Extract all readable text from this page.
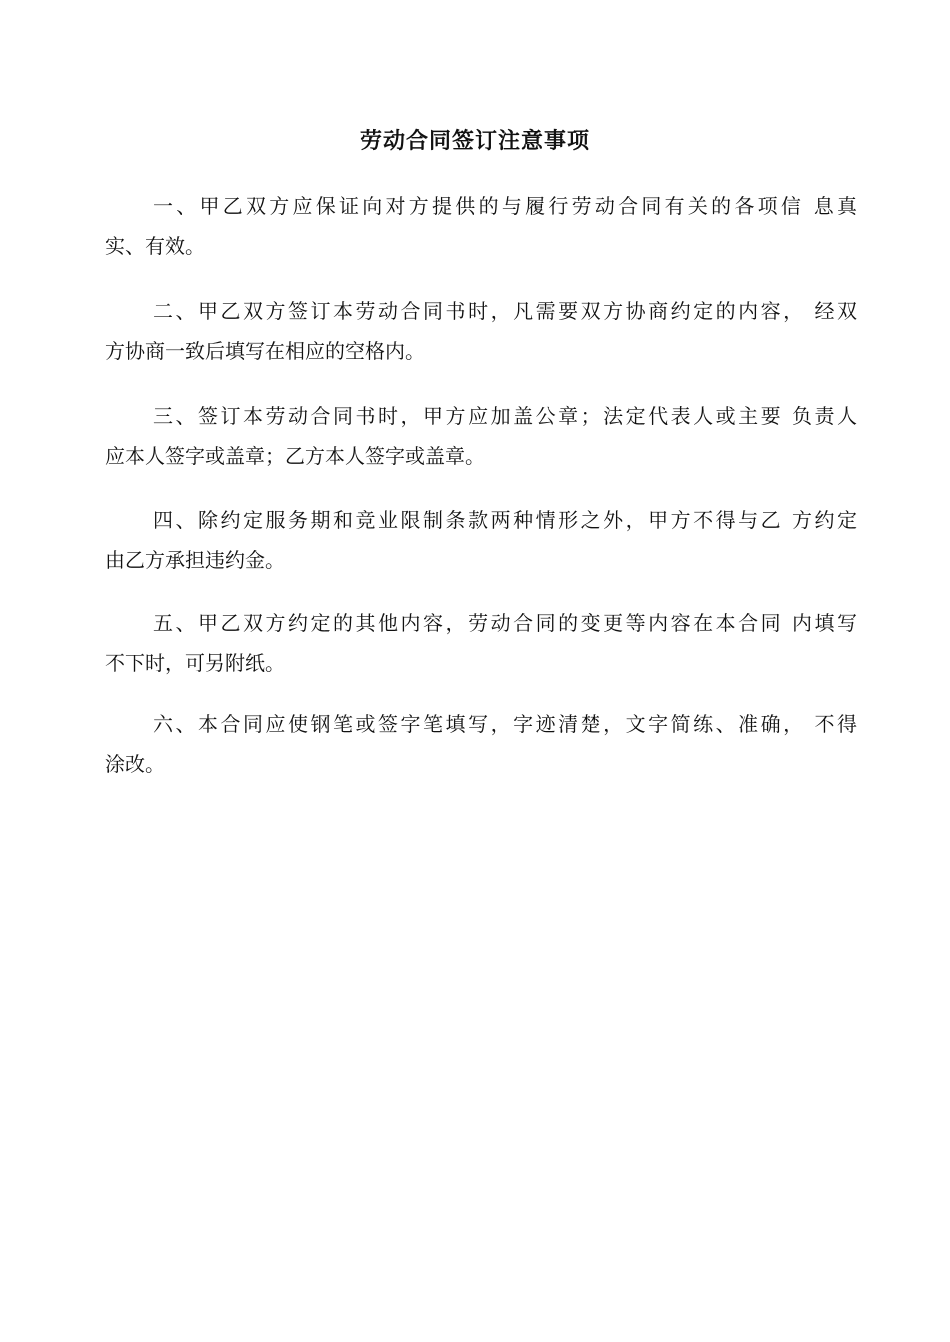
劳动合同签订注意事项

一、甲乙双方应保证向对方提供的与履行劳动合同有关的各项信 息真
实、有效。

二、甲乙双方签订本劳动合同书时，凡需要双方协商约定的内容， 经双
方协商一致后填写在相应的空格内。

三、签订本劳动合同书时，甲方应加盖公章；法定代表人或主要 负责人
应本人签字或盖章；乙方本人签字或盖章。

四、除约定服务期和竞业限制条款两种情形之外，甲方不得与乙 方约定
由乙方承担违约金。

五、甲乙双方约定的其他内容，劳动合同的变更等内容在本合同 内填写
不下时，可另附纸。

六、本合同应使钢笔或签字笔填写，字迹清楚，文字简练、准确， 不得
涂改。
